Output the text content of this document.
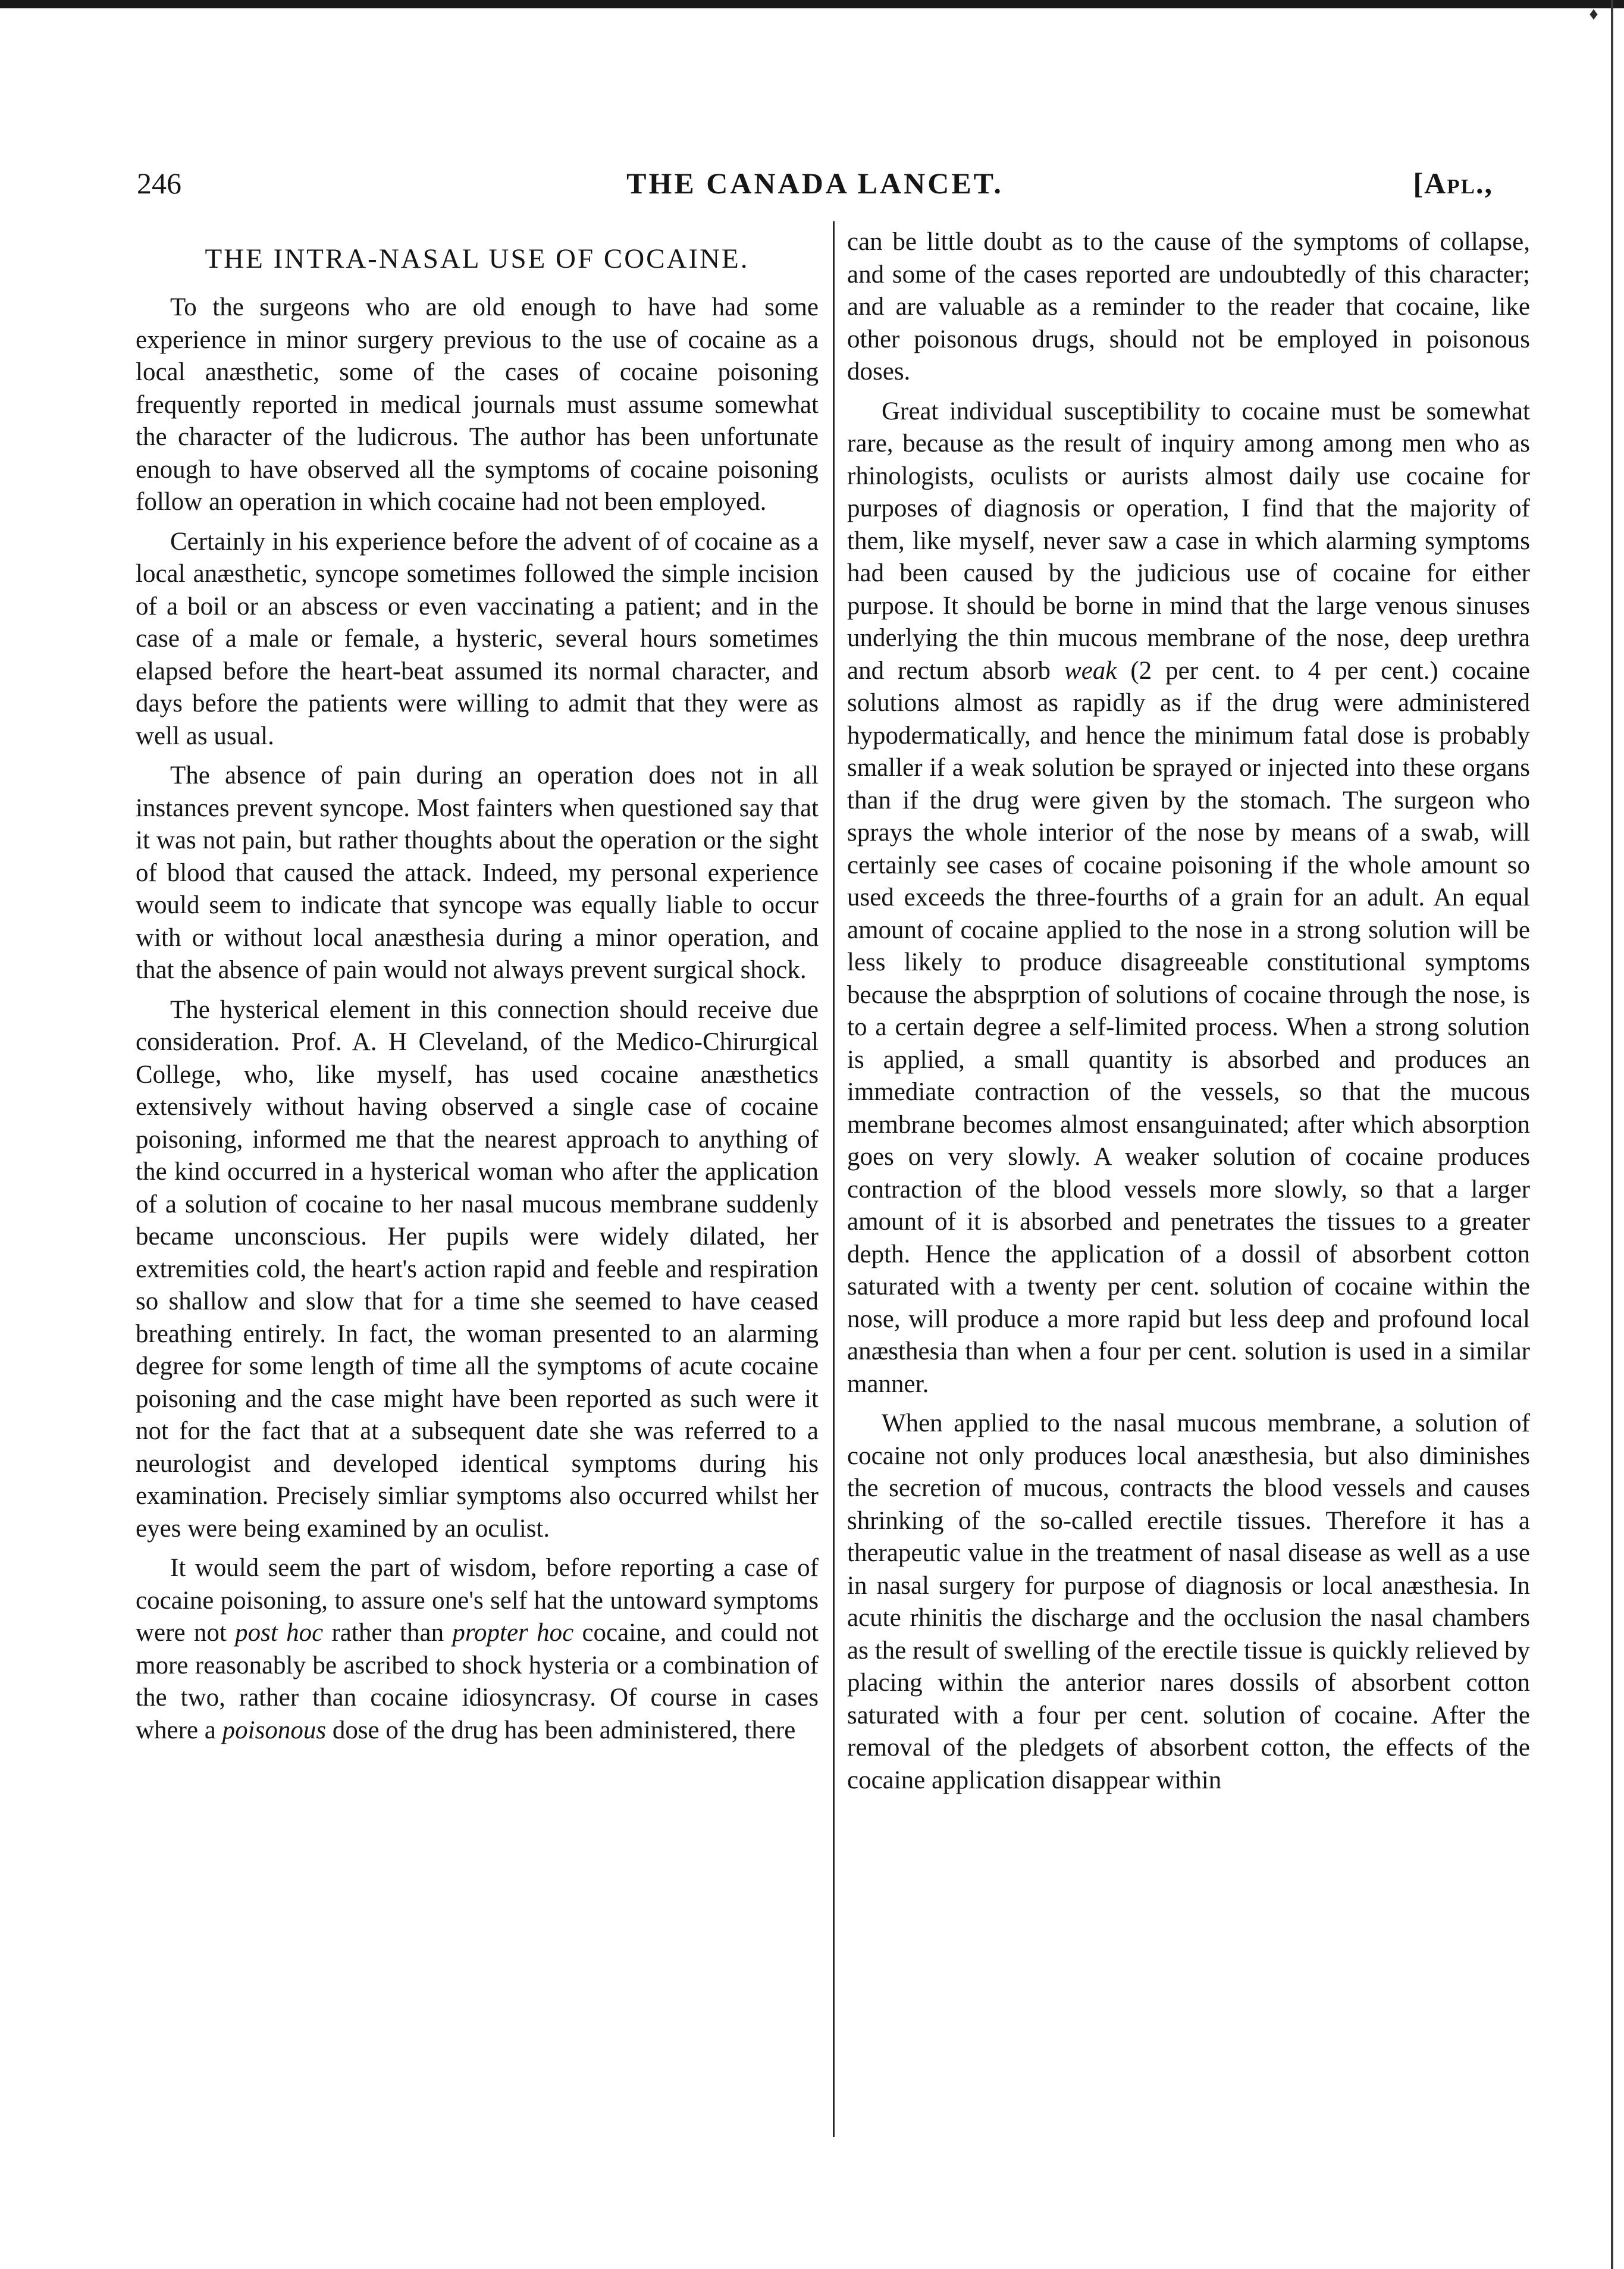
♦
246	THE CANADA LANCET.	[Apl.,
THE INTRA-NASAL USE OF COCAINE.

To the surgeons who are old enough to have had some experience in minor surgery previous to the use of cocaine as a local anæsthetic, some of the cases of cocaine poisoning frequently reported in medical journals must assume somewhat the character of the ludicrous. The author has been unfortunate enough to have observed all the symptoms of cocaine poisoning follow an operation in which cocaine had not been employed.

Certainly in his experience before the advent of of cocaine as a local anæsthetic, syncope sometimes followed the simple incision of a boil or an abscess or even vaccinating a patient; and in the case of a male or female, a hysteric, several hours sometimes elapsed before the heart-beat assumed its normal character, and days before the patients were willing to admit that they were as well as usual.

The absence of pain during an operation does not in all instances prevent syncope. Most fainters when questioned say that it was not pain, but rather thoughts about the operation or the sight of blood that caused the attack. Indeed, my personal experience would seem to indicate that syncope was equally liable to occur with or without local anæsthesia during a minor operation, and that the absence of pain would not always prevent surgical shock.

The hysterical element in this connection should receive due consideration. Prof. A. H Cleveland, of the Medico-Chirurgical College, who, like myself, has used cocaine anæsthetics extensively without having observed a single case of cocaine poisoning, informed me that the nearest approach to anything of the kind occurred in a hysterical woman who after the application of a solution of cocaine to her nasal mucous membrane suddenly became unconscious. Her pupils were widely dilated, her extremities cold, the heart's action rapid and feeble and respiration so shallow and slow that for a time she seemed to have ceased breathing entirely. In fact, the woman presented to an alarming degree for some length of time all the symptoms of acute cocaine poisoning and the case might have been reported as such were it not for the fact that at a subsequent date she was referred to a neurologist and developed identical symptoms during his examination. Precisely simliar symptoms also occurred whilst her eyes were being examined by an oculist.

It would seem the part of wisdom, before reporting a case of cocaine poisoning, to assure one's self hat the untoward symptoms were not post hoc rather than propter hoc cocaine, and could not more reasonably be ascribed to shock hysteria or a combination of the two, rather than cocaine idiosyncrasy. Of course in cases where a poisonous dose of the drug has been administered, there

can be little doubt as to the cause of the symptoms of collapse, and some of the cases reported are undoubtedly of this character; and are valuable as a reminder to the reader that cocaine, like other poisonous drugs, should not be employed in poisonous doses.

Great individual susceptibility to cocaine must be somewhat rare, because as the result of inquiry among among men who as rhinologists, oculists or aurists almost daily use cocaine for purposes of diagnosis or operation, I find that the majority of them, like myself, never saw a case in which alarming symptoms had been caused by the judicious use of cocaine for either purpose. It should be borne in mind that the large venous sinuses underlying the thin mucous membrane of the nose, deep urethra and rectum absorb weak (2 per cent. to 4 per cent.) cocaine solutions almost as rapidly as if the drug were administered hypodermatically, and hence the minimum fatal dose is probably smaller if a weak solution be sprayed or injected into these organs than if the drug were given by the stomach. The surgeon who sprays the whole interior of the nose by means of a swab, will certainly see cases of cocaine poisoning if the whole amount so used exceeds the three-fourths of a grain for an adult. An equal amount of cocaine applied to the nose in a strong solution will be less likely to produce disagreeable constitutional symptoms because the absprption of solutions of cocaine through the nose, is to a certain degree a self-limited process. When a strong solution is applied, a small quantity is absorbed and produces an immediate contraction of the vessels, so that the mucous membrane becomes almost ensanguinated; after which absorption goes on very slowly. A weaker solution of cocaine produces contraction of the blood vessels more slowly, so that a larger amount of it is absorbed and penetrates the tissues to a greater depth. Hence the application of a dossil of absorbent cotton saturated with a twenty per cent. solution of cocaine within the nose, will produce a more rapid but less deep and profound local anæsthesia than when a four per cent. solution is used in a similar manner.

When applied to the nasal mucous membrane, a solution of cocaine not only produces local anæsthesia, but also diminishes the secretion of mucous, contracts the blood vessels and causes shrinking of the so-called erectile tissues. Therefore it has a therapeutic value in the treatment of nasal disease as well as a use in nasal surgery for purpose of diagnosis or local anæsthesia. In acute rhinitis the discharge and the occlusion the nasal chambers as the result of swelling of the erectile tissue is quickly relieved by placing within the anterior nares dossils of absorbent cotton saturated with a four per cent. solution of cocaine. After the removal of the pledgets of absorbent cotton, the effects of the cocaine application disappear within
